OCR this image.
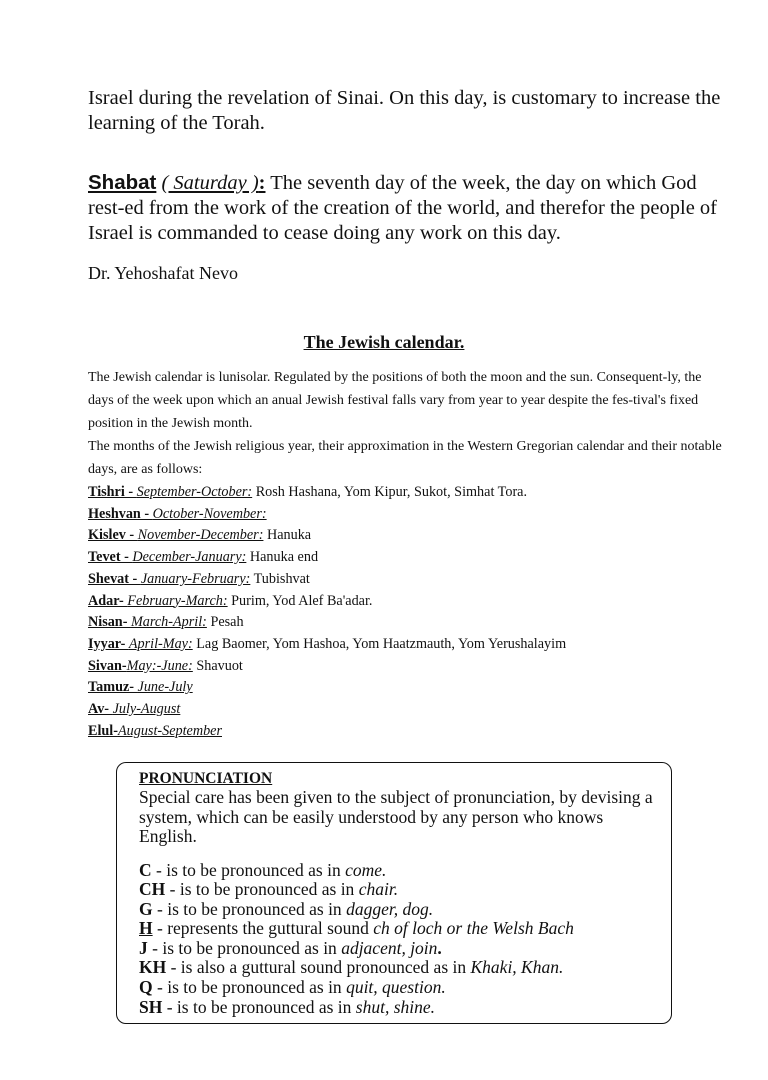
Israel during the revelation of Sinai. On this day, is customary to increase the learning of the Torah.
Shabat ( Saturday ): The seventh day of the week, the day on which God rest-ed from the work of the creation of the world, and therefor the people of Israel is commanded to cease doing any work on this day.
Dr. Yehoshafat Nevo
The Jewish calendar.
The Jewish calendar is lunisolar. Regulated by the positions of both the moon and the sun. Consequent-ly, the days of the week upon which an anual Jewish festival falls vary from year to year despite the fes-tival's fixed position in the Jewish month.
The months of the Jewish religious year, their approximation in the Western Gregorian calendar and their notable days, are as follows:
Tishri - September-October: Rosh Hashana, Yom Kipur, Sukot, Simhat Tora.
Heshvan - October-November:
Kislev - November-December: Hanuka
Tevet - December-January: Hanuka end
Shevat - January-February: Tubishvat
Adar- February-March: Purim, Yod Alef Ba'adar.
Nisan- March-April: Pesah
Iyyar- April-May: Lag Baomer, Yom Hashoa, Yom Haatzmauth, Yom Yerushalayim
Sivan-May:-June: Shavuot
Tamuz- June-July
Av- July-August
Elul-August-September
PRONUNCIATION

Special care has been given to the subject of pronunciation, by devising a system, which can be easily understood by any person who knows English.

C - is to be pronounced as in come.
CH - is to be pronounced as in chair.
G - is to be pronounced as in dagger, dog.
H - represents the guttural sound ch of loch or the Welsh Bach
J - is to be pronounced as in adjacent, join.
KH - is also a guttural sound pronounced as in Khaki, Khan.
Q - is to be pronounced as in quit, question.
SH - is to be pronounced as in shut, shine.
